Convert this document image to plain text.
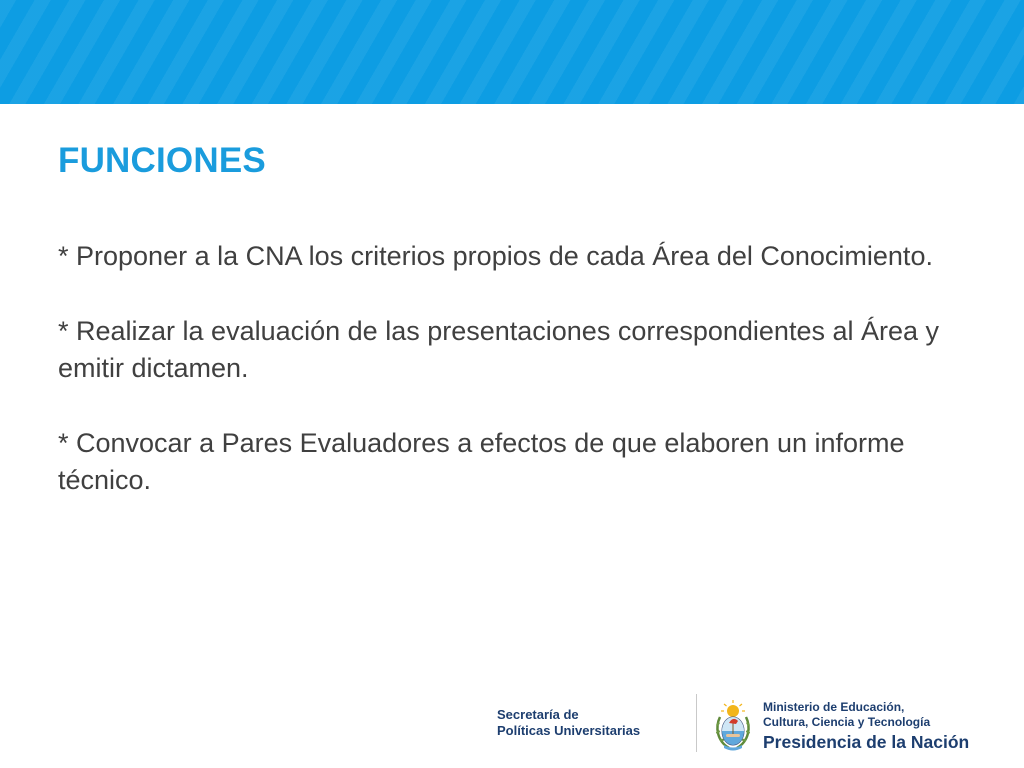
FUNCIONES

* Proponer a la CNA los criterios propios de cada Área del Conocimiento.

* Realizar la evaluación de las presentaciones correspondientes al Área y emitir dictamen.

* Convocar a Pares Evaluadores a efectos de que elaboren un informe técnico.

Secretaría de
Políticas Universitarias
Ministerio de Educación,
Cultura, Ciencia y Tecnología
Presidencia de la Nación
